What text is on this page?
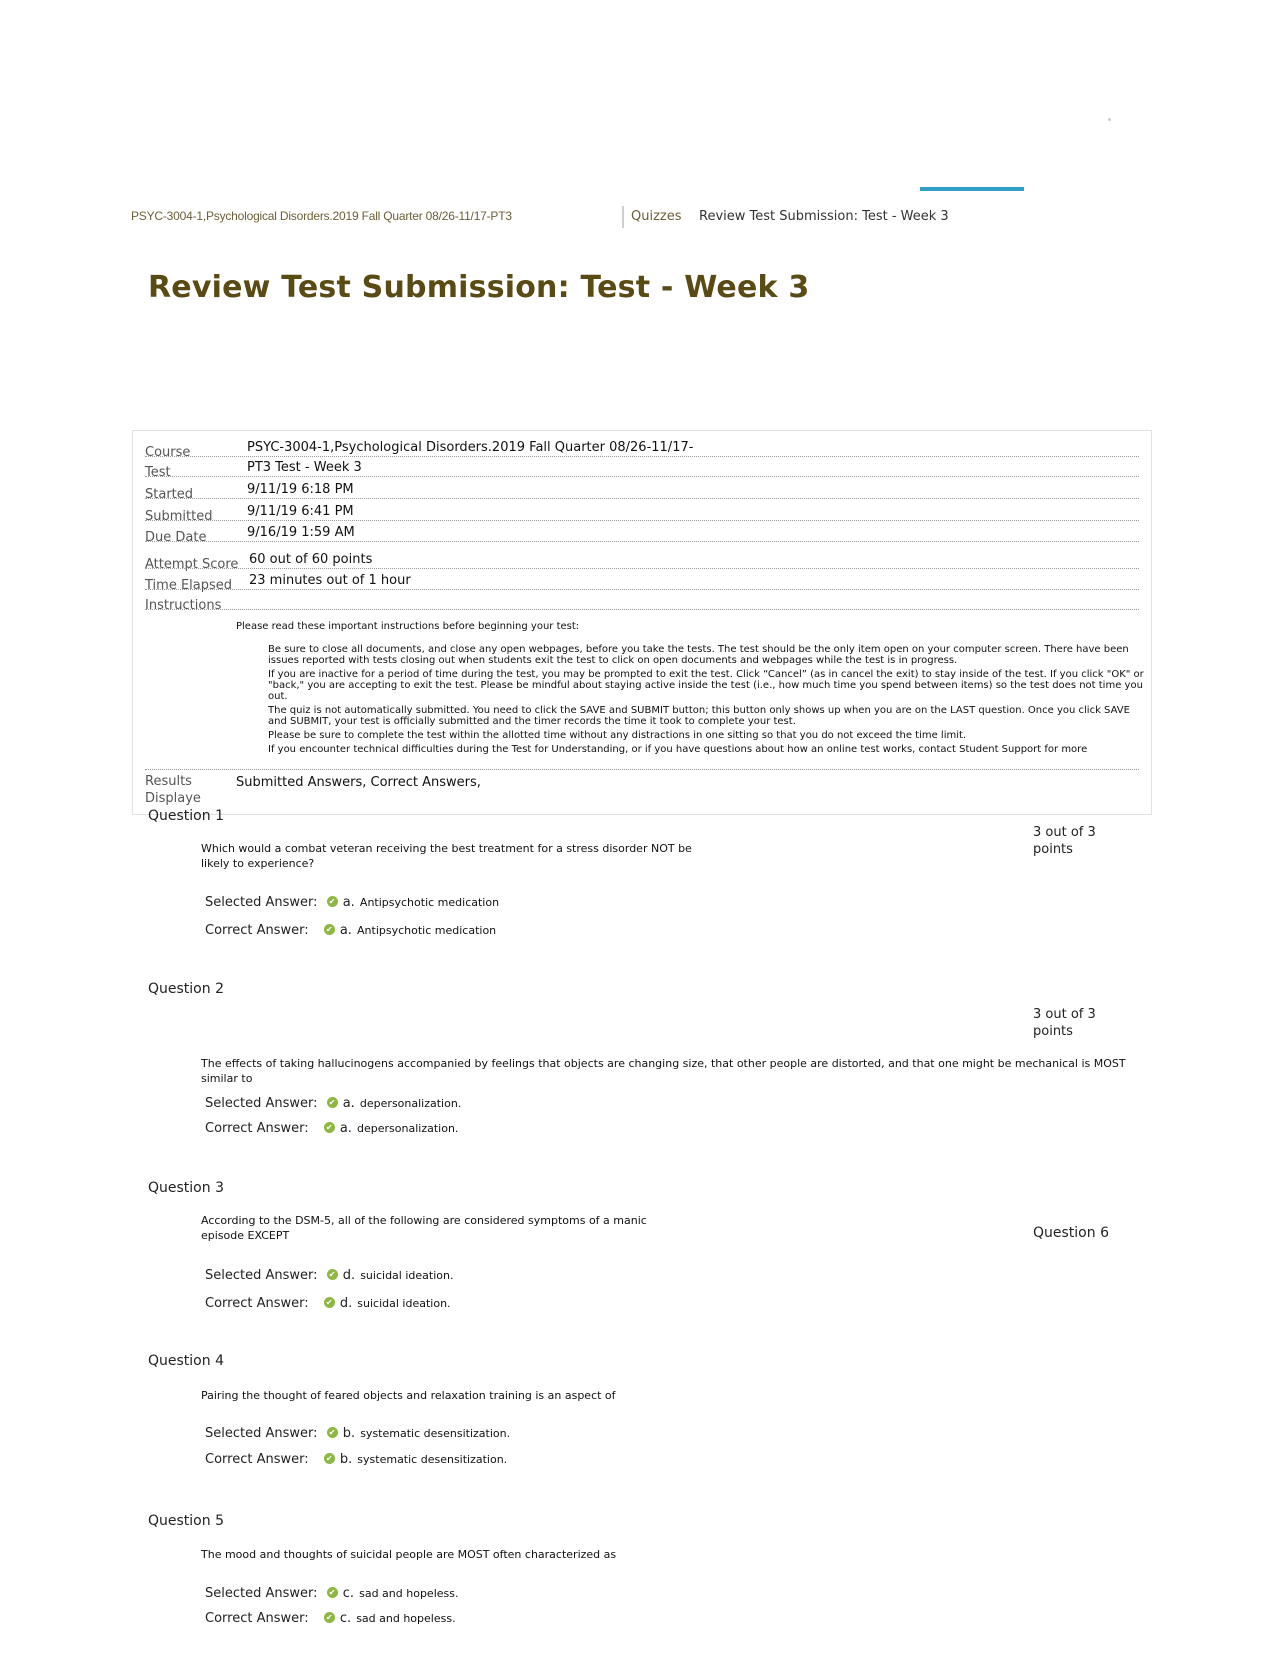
PSYC-3004-1,Psychological Disorders.2019 Fall Quarter 08/26-11/17-PT3	Quizzes Review Test Submission: Test - Week 3
Review Test Submission: Test - Week 3
Course	PSYC-3004-1,Psychological Disorders.2019 Fall Quarter 08/26-11/17-
Test	PT3 Test - Week 3
Started	9/11/19 6:18 PM
Submitted	9/11/19 6:41 PM
Due Date	9/16/19 1:59 AM
Attempt Score 60 out of 60 points
Time Elapsed 23 minutes out of 1 hour
Instructions

Please read these important instructions before beginning your test:

Be sure to close all documents, and close any open webpages, before you take the tests. The test should be the only item open on your computer screen. There have been issues reported with tests closing out when students exit the test to click on open documents and webpages while the test is in progress.
If you are inactive for a period of time during the test, you may be prompted to exit the test. Click “Cancel” (as in cancel the exit) to stay inside of the test. If you click "OK" or "back," you are accepting to exit the test. Please be mindful about staying active inside the test (i.e., how much time you spend between items) so the test does not time you out.
The quiz is not automatically submitted. You need to click the SAVE and SUBMIT button; this button only shows up when you are on the LAST question. Once you click SAVE and SUBMIT, your test is officially submitted and the timer records the time it took to complete your test.
Please be sure to complete the test within the allotted time without any distractions in one sitting so that you do not exceed the time limit.
If you encounter technical difficulties during the Test for Understanding, or if you have questions about how an online test works, contact Student Support for more
Results Displaye
Submitted Answers, Correct Answers,
Question 1
3 out of 3 points
Which would a combat veteran receiving the best treatment for a stress disorder NOT be likely to experience?
Selected Answer: ✔ a. Antipsychotic medication
Correct Answer: ✔ a. Antipsychotic medication
Question 2
3 out of 3 points
The effects of taking hallucinogens accompanied by feelings that objects are changing size, that other people are distorted, and that one might be mechanical is MOST similar to
Selected Answer: ✔ a. depersonalization.
Correct Answer: ✔ a. depersonalization.
Question 3
According to the DSM-5, all of the following are considered symptoms of a manic episode EXCEPT	Question 6
Selected Answer: ✔ d. suicidal ideation.
Correct Answer: ✔ d. suicidal ideation.
Question 4
Pairing the thought of feared objects and relaxation training is an aspect of
Selected Answer: ✔ b. systematic desensitization.
Correct Answer: ✔ b. systematic desensitization.
Question 5
The mood and thoughts of suicidal people are MOST often characterized as
Selected Answer: ✔ c. sad and hopeless.
Correct Answer: ✔ c. sad and hopeless.
